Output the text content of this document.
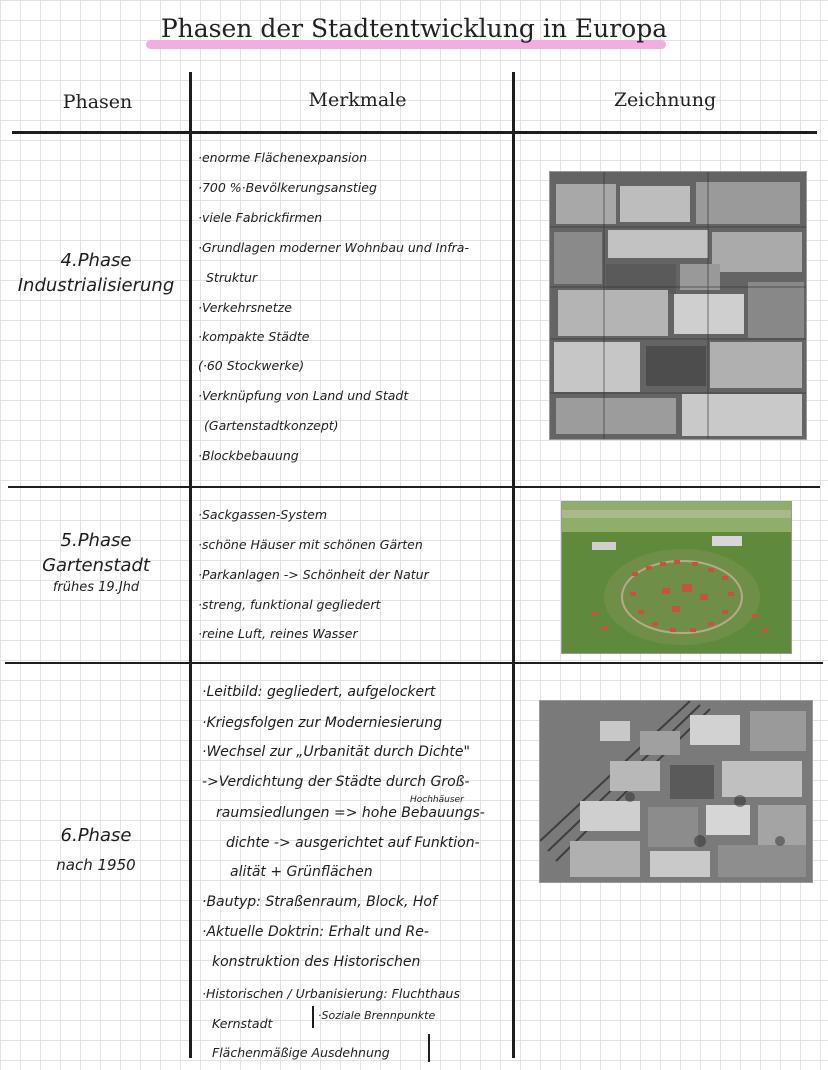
Phasen der Stadtentwicklung in Europa
Phasen	Merkmale	Zeichnung
4.Phase
Industrialisierung
·enorme Flächenexpansion
·700 %·Bevölkerungsanstieg
·viele Fabrickfirmen
·Grundlagen moderner Wohnbau und Infra-
Struktur
·Verkehrsnetze
·kompakte Städte
(·60 Stockwerke)
·Verknüpfung von Land und Stadt
(Gartenstadtkonzept)
·Blockbebauung
5.Phase
Gartenstadt
frühes 19.Jhd
·Sackgassen-System
·schöne Häuser mit schönen Gärten
·Parkanlagen -> Schönheit der Natur
·streng, funktional gegliedert
·reine Luft, reines Wasser
6.Phase
nach 1950
·Leitbild: gegliedert, aufgelockert
·Kriegsfolgen zur Moderniesierung
·Wechsel zur „Urbanität durch Dichte"
->Verdichtung der Städte durch Groß-
raumsiedlungen => hohe Bebauungs-
Hochhäuser
dichte -> ausgerichtet auf Funktion-
alität + Grünflächen
·Bautyp: Straßenraum, Block, Hof
·Aktuelle Doktrin: Erhalt und Re-
konstruktion des Historischen
·Historischen / Urbanisierung: Fluchthaus
Kernstadt
·Soziale Brennpunkte
Flächenmäßige Ausdehnung
